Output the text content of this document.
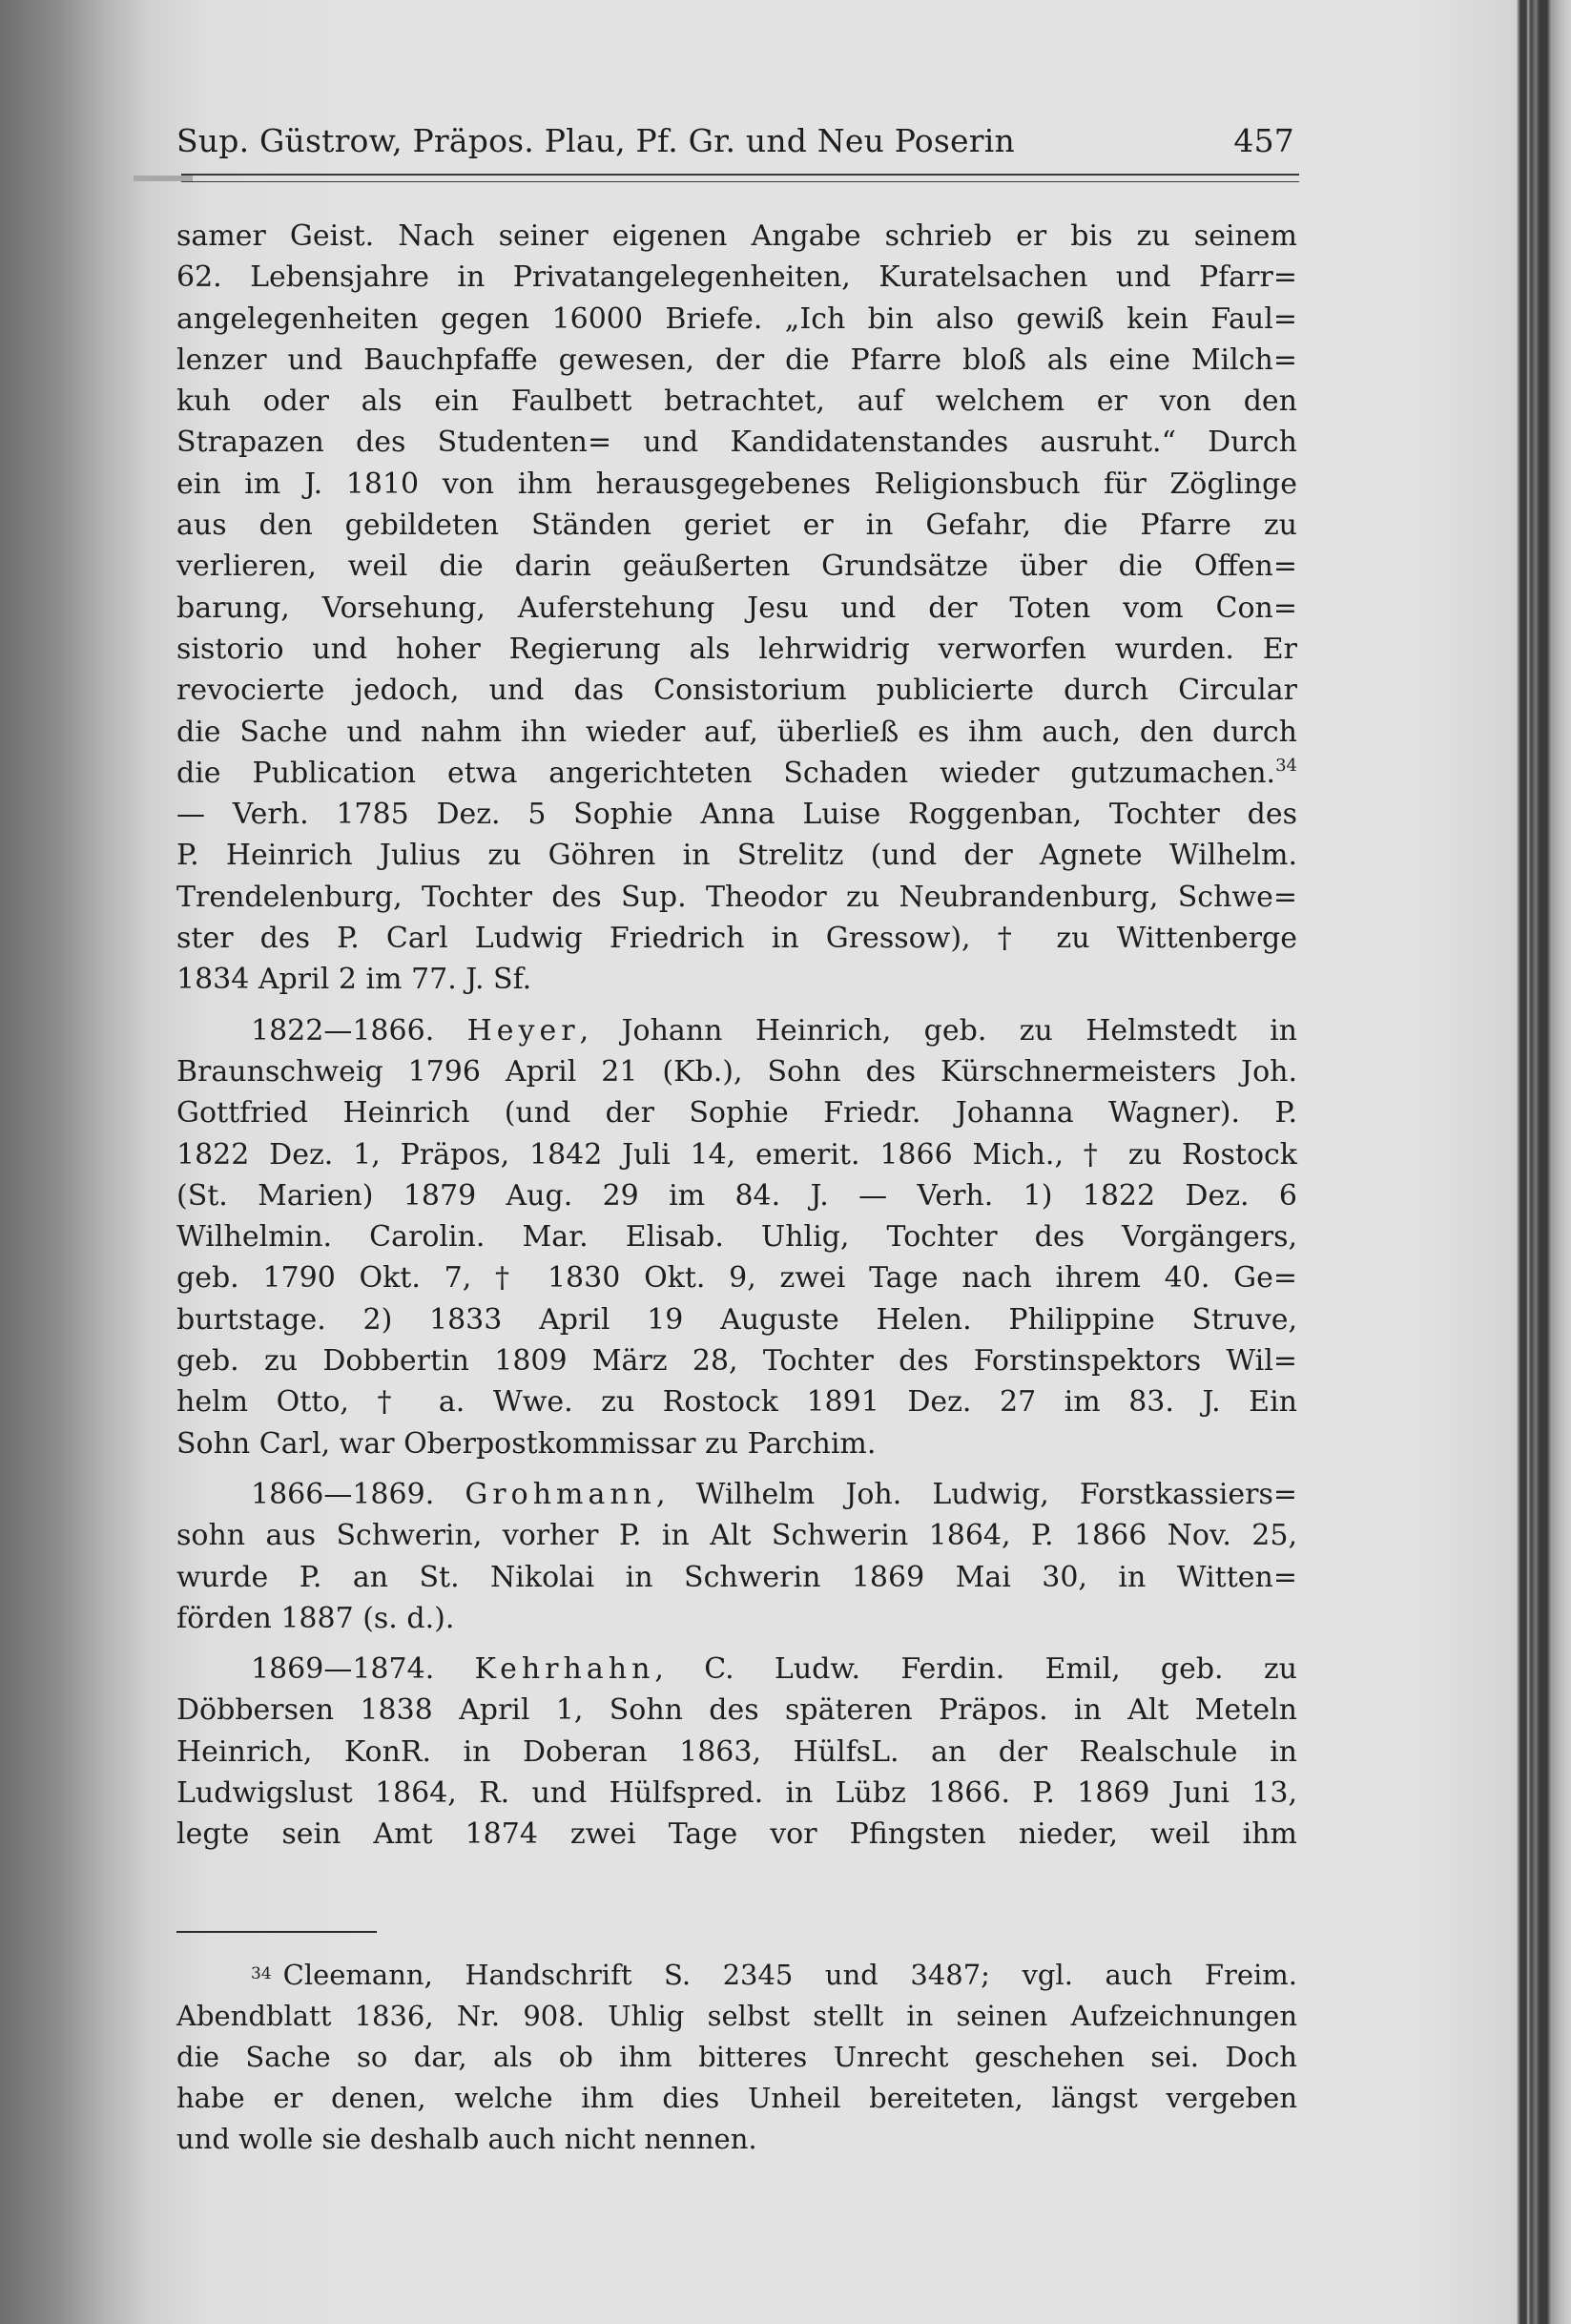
Sup. Güstrow, Präpos. Plau, Pf. Gr. und Neu Poserin	457

samer Geist. Nach seiner eigenen Angabe schrieb er bis zu seinem
62. Lebensjahre in Privatangelegenheiten, Kuratelsachen und Pfarr=
angelegenheiten gegen 16000 Briefe. „Ich bin also gewiß kein Faul=
lenzer und Bauchpfaffe gewesen, der die Pfarre bloß als eine Milch=
kuh oder als ein Faulbett betrachtet, auf welchem er von den
Strapazen des Studenten= und Kandidatenstandes ausruht.“ Durch
ein im J. 1810 von ihm herausgegebenes Religionsbuch für Zöglinge
aus den gebildeten Ständen geriet er in Gefahr, die Pfarre zu
verlieren, weil die darin geäußerten Grundsätze über die Offen=
barung, Vorsehung, Auferstehung Jesu und der Toten vom Con=
sistorio und hoher Regierung als lehrwidrig verworfen wurden. Er
revocierte jedoch, und das Consistorium publicierte durch Circular
die Sache und nahm ihn wieder auf, überließ es ihm auch, den durch
die Publication etwa angerichteten Schaden wieder gutzumachen.$^{34}$
— Verh. 1785 Dez. 5 Sophie Anna Luise Roggenban, Tochter des
P. Heinrich Julius zu Göhren in Strelitz (und der Agnete Wilhelm.
Trendelenburg, Tochter des Sup. Theodor zu Neubrandenburg, Schwe=
ster des P. Carl Ludwig Friedrich in Gressow), † zu Wittenberge
1834 April 2 im 77. J. Sf.

1822—1866. Heyer, Johann Heinrich, geb. zu Helmstedt in
Braunschweig 1796 April 21 (Kb.), Sohn des Kürschnermeisters Joh.
Gottfried Heinrich (und der Sophie Friedr. Johanna Wagner). P.
1822 Dez. 1, Präpos, 1842 Juli 14, emerit. 1866 Mich., † zu Rostock
(St. Marien) 1879 Aug. 29 im 84. J. — Verh. 1) 1822 Dez. 6
Wilhelmin. Carolin. Mar. Elisab. Uhlig, Tochter des Vorgängers,
geb. 1790 Okt. 7, † 1830 Okt. 9, zwei Tage nach ihrem 40. Ge=
burtstage. 2) 1833 April 19 Auguste Helen. Philippine Struve,
geb. zu Dobbertin 1809 März 28, Tochter des Forstinspektors Wil=
helm Otto, † a. Wwe. zu Rostock 1891 Dez. 27 im 83. J. Ein
Sohn Carl, war Oberpostkommissar zu Parchim.

1866—1869. Grohmann, Wilhelm Joh. Ludwig, Forstkassiers=
sohn aus Schwerin, vorher P. in Alt Schwerin 1864, P. 1866 Nov. 25,
wurde P. an St. Nikolai in Schwerin 1869 Mai 30, in Witten=
förden 1887 (s. d.).

1869—1874. Kehrhahn, C. Ludw. Ferdin. Emil, geb. zu
Döbbersen 1838 April 1, Sohn des späteren Präpos. in Alt Meteln
Heinrich, KonR. in Doberan 1863, HülfsL. an der Realschule in
Ludwigslust 1864, R. und Hülfspred. in Lübz 1866. P. 1869 Juni 13,
legte sein Amt 1874 zwei Tage vor Pfingsten nieder, weil ihm

$^{34}$ Cleemann, Handschrift S. 2345 und 3487; vgl. auch Freim.
Abendblatt 1836, Nr. 908. Uhlig selbst stellt in seinen Aufzeichnungen
die Sache so dar, als ob ihm bitteres Unrecht geschehen sei. Doch
habe er denen, welche ihm dies Unheil bereiteten, längst vergeben
und wolle sie deshalb auch nicht nennen.
